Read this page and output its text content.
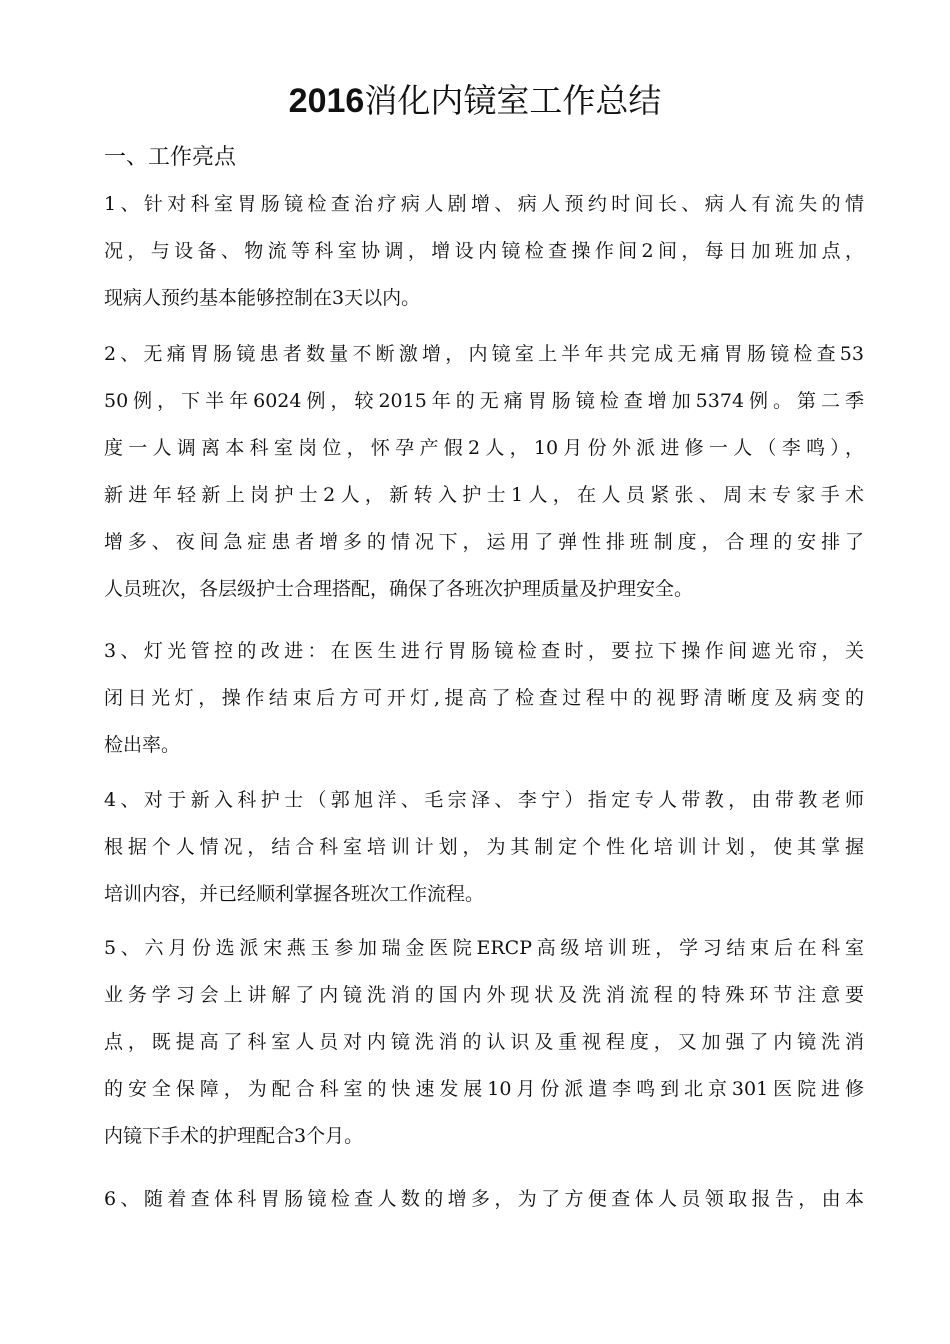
2016消化内镜室工作总结
一、工作亮点
1、针对科室胃肠镜检查治疗病人剧增、病人预约时间长、病人有流失的情
况，与设备、物流等科室协调，增设内镜检查操作间2间，每日加班加点，
现病人预约基本能够控制在3天以内。
2、无痛胃肠镜患者数量不断激增，内镜室上半年共完成无痛胃肠镜检查53
50例，下半年6024例，较2015年的无痛胃肠镜检查增加5374例。第二季
度一人调离本科室岗位，怀孕产假2人，10月份外派进修一人（李鸣），
新进年轻新上岗护士2人，新转入护士1人，在人员紧张、周末专家手术
增多、夜间急症患者增多的情况下，运用了弹性排班制度，合理的安排了
人员班次，各层级护士合理搭配，确保了各班次护理质量及护理安全。
3、灯光管控的改进：在医生进行胃肠镜检查时，要拉下操作间遮光帘，关
闭日光灯，操作结束后方可开灯,提高了检查过程中的视野清晰度及病变的
检出率。
4、对于新入科护士（郭旭洋、毛宗泽、李宁）指定专人带教，由带教老师
根据个人情况，结合科室培训计划，为其制定个性化培训计划，使其掌握
培训内容，并已经顺利掌握各班次工作流程。
5、六月份选派宋燕玉参加瑞金医院ERCP高级培训班，学习结束后在科室
业务学习会上讲解了内镜洗消的国内外现状及洗消流程的特殊环节注意要
点，既提高了科室人员对内镜洗消的认识及重视程度，又加强了内镜洗消
的安全保障，为配合科室的快速发展10月份派遣李鸣到北京301医院进修
内镜下手术的护理配合3个月。
6、随着查体科胃肠镜检查人数的增多，为了方便查体人员领取报告，由本
